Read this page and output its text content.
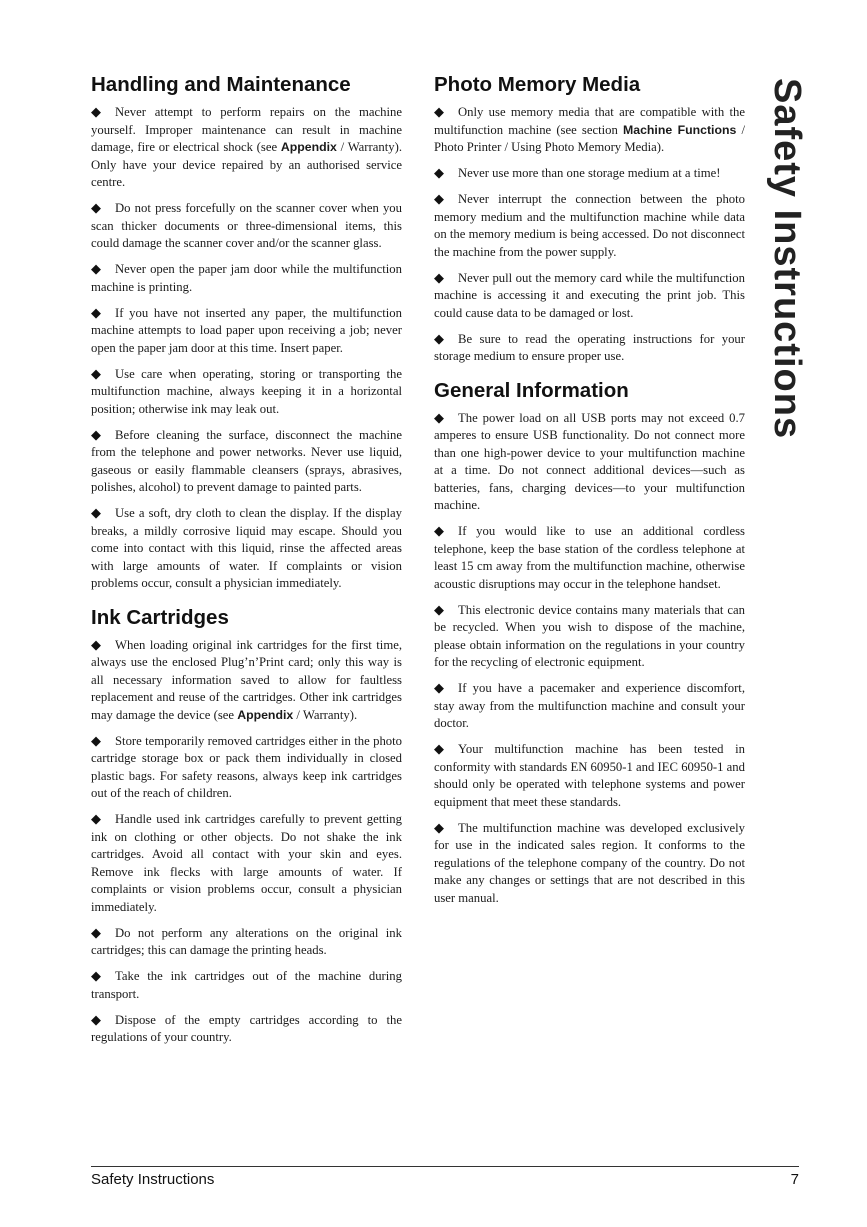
Handling and Maintenance
◆	Never attempt to perform repairs on the machine yourself. Improper maintenance can result in machine damage, fire or electrical shock (see Appendix / Warranty). Only have your device repaired by an authorised service centre.
◆	Do not press forcefully on the scanner cover when you scan thicker documents or three-dimensional items, this could damage the scanner cover and/or the scanner glass.
◆	Never open the paper jam door while the multifunction machine is printing.
◆	If you have not inserted any paper, the multifunction machine attempts to load paper upon receiving a job; never open the paper jam door at this time. Insert paper.
◆	Use care when operating, storing or transporting the multifunction machine, always keeping it in a horizontal position; otherwise ink may leak out.
◆	Before cleaning the surface, disconnect the machine from the telephone and power networks. Never use liquid, gaseous or easily flammable cleansers (sprays, abrasives, polishes, alcohol) to prevent damage to painted parts.
◆	Use a soft, dry cloth to clean the display. If the display breaks, a mildly corrosive liquid may escape. Should you come into contact with this liquid, rinse the affected areas with large amounts of water. If complaints or vision problems occur, consult a physician immediately.
Ink Cartridges
◆	When loading original ink cartridges for the first time, always use the enclosed Plug’n’Print card; only this way is all necessary information saved to allow for faultless replacement and reuse of the cartridges. Other ink cartridges may damage the device (see Appendix / Warranty).
◆	Store temporarily removed cartridges either in the photo cartridge storage box or pack them individually in closed plastic bags. For safety reasons, always keep ink cartridges out of the reach of children.
◆	Handle used ink cartridges carefully to prevent getting ink on clothing or other objects. Do not shake the ink cartridges. Avoid all contact with your skin and eyes. Remove ink flecks with large amounts of water. If complaints or vision problems occur, consult a physician immediately.
◆	Do not perform any alterations on the original ink cartridges; this can damage the printing heads.
◆	Take the ink cartridges out of the machine during transport.
◆	Dispose of the empty cartridges according to the regulations of your country.
Photo Memory Media
◆	Only use memory media that are compatible with the multifunction machine (see section Machine Functions / Photo Printer / Using Photo Memory Media).
◆	Never use more than one storage medium at a time!
◆	Never interrupt the connection between the photo memory medium and the multifunction machine while data on the memory medium is being accessed. Do not disconnect the machine from the power supply.
◆	Never pull out the memory card while the multifunction machine is accessing it and executing the print job. This could cause data to be damaged or lost.
◆	Be sure to read the operating instructions for your storage medium to ensure proper use.
General Information
◆	The power load on all USB ports may not exceed 0.7 amperes to ensure USB functionality. Do not connect more than one high-power device to your multifunction machine at a time. Do not connect additional devices—such as batteries, fans, charging devices—to your multifunction machine.
◆	If you would like to use an additional cordless telephone, keep the base station of the cordless telephone at least 15 cm away from the multifunction machine, otherwise acoustic disruptions may occur in the telephone handset.
◆	This electronic device contains many materials that can be recycled. When you wish to dispose of the machine, please obtain information on the regulations in your country for the recycling of electronic equipment.
◆	If you have a pacemaker and experience discomfort, stay away from the multifunction machine and consult your doctor.
◆	Your multifunction machine has been tested in conformity with standards EN 60950-1 and IEC 60950-1 and should only be operated with telephone systems and power equipment that meet these standards.
◆	The multifunction machine was developed exclusively for use in the indicated sales region. It conforms to the regulations of the telephone company of the country. Do not make any changes or settings that are not described in this user manual.
Safety Instructions
Safety Instructions	7
